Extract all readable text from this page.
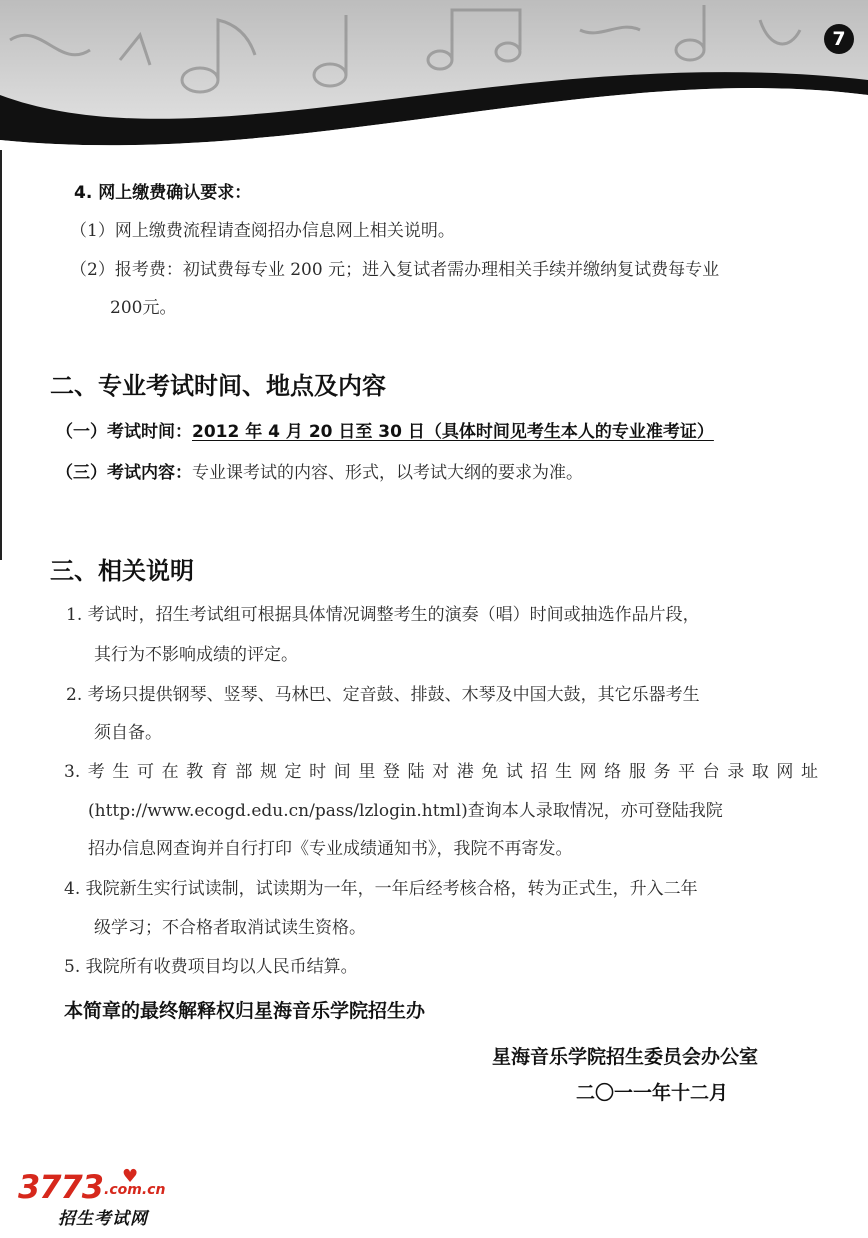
7
4. 网上缴费确认要求：
（1）网上缴费流程请查阅招办信息网上相关说明。
（2）报考费：初试费每专业 200 元；进入复试者需办理相关手续并缴纳复试费每专业
200元。
二、专业考试时间、地点及内容
（一）考试时间：2012 年 4 月 20 日至 30 日（具体时间见考生本人的专业准考证）
（三）考试内容：专业课考试的内容、形式，以考试大纲的要求为准。
三、相关说明
1. 考试时，招生考试组可根据具体情况调整考生的演奏（唱）时间或抽选作品片段，
其行为不影响成绩的评定。
2. 考场只提供钢琴、竖琴、马林巴、定音鼓、排鼓、木琴及中国大鼓，其它乐器考生
须自备。
3.考生可在教育部规定时间里登陆对港免试招生网络服务平台录取网址
(http://www.ecogd.edu.cn/pass/lzlogin.html)查询本人录取情况，亦可登陆我院
招办信息网查询并自行打印《专业成绩通知书》，我院不再寄发。
4. 我院新生实行试读制，试读期为一年，一年后经考核合格，转为正式生，升入二年
级学习；不合格者取消试读生资格。
5. 我院所有收费项目均以人民币结算。
本简章的最终解释权归星海音乐学院招生办
星海音乐学院招生委员会办公室
二〇一一年十二月
3773 ♥
.com.cn
招生考试网
